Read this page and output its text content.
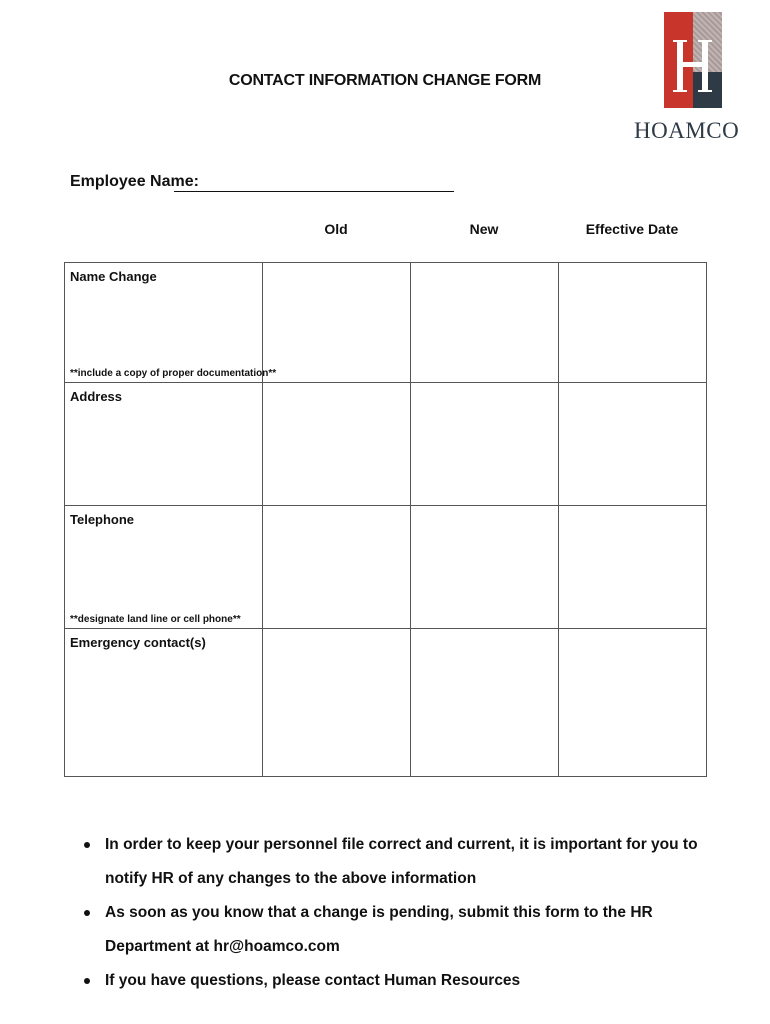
HOAMCO
CONTACT INFORMATION CHANGE FORM
Employee Name:
Old	New	Effective Date
Name Change
**include a copy of proper documentation**			

Address			

Telephone
**designate land line or cell phone**			

Emergency contact(s)			

In order to keep your personnel file correct and current, it is important for you to notify HR of any changes to the above information
As soon as you know that a change is pending, submit this form to the HR Department at hr@hoamco.com
If you have questions, please contact Human Resources
